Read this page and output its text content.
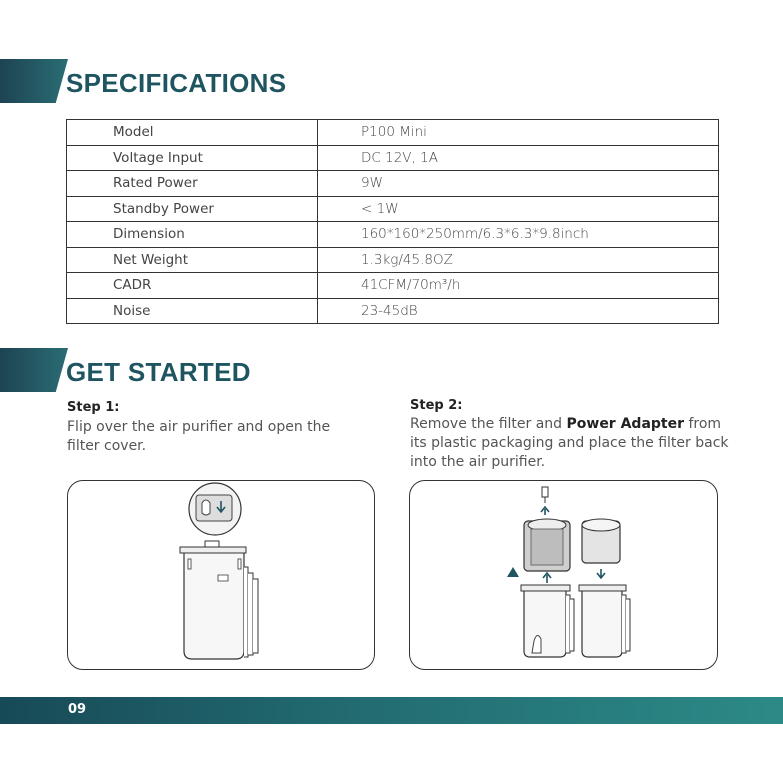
SPECIFICATIONS
Model	P100 Mini
Voltage Input	DC 12V, 1A
Rated Power	9W
Standby Power	< 1W
Dimension	160*160*250mm/6.3*6.3*9.8inch
Net Weight	1.3kg/45.8OZ
CADR	41CFM/70m³/h
Noise	23-45dB
GET STARTED
Step 1:
Flip over the air purifier and open the filter cover.
Step 2:
Remove the filter and Power Adapter from its plastic packaging and place the filter back into the air purifier.
09
